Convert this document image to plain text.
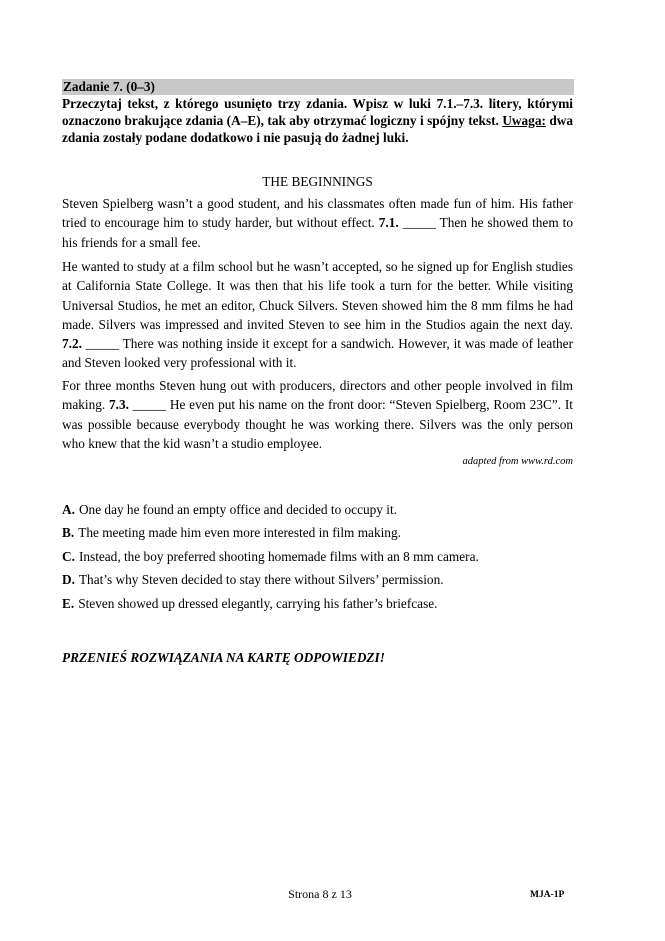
Zadanie 7. (0–3)
Przeczytaj tekst, z którego usunięto trzy zdania. Wpisz w luki 7.1.–7.3. litery, którymi oznaczono brakujące zdania (A–E), tak aby otrzymać logiczny i spójny tekst. Uwaga: dwa zdania zostały podane dodatkowo i nie pasują do żadnej luki.
THE BEGINNINGS

Steven Spielberg wasn’t a good student, and his classmates often made fun of him. His father tried to encourage him to study harder, but without effect. 7.1. _____ Then he showed them to his friends for a small fee.

He wanted to study at a film school but he wasn’t accepted, so he signed up for English studies at California State College. It was then that his life took a turn for the better. While visiting Universal Studios, he met an editor, Chuck Silvers. Steven showed him the 8 mm films he had made. Silvers was impressed and invited Steven to see him in the Studios again the next day. 7.2. _____ There was nothing inside it except for a sandwich. However, it was made of leather and Steven looked very professional with it.

For three months Steven hung out with producers, directors and other people involved in film making. 7.3. _____ He even put his name on the front door: “Steven Spielberg, Room 23C”. It was possible because everybody thought he was working there. Silvers was the only person who knew that the kid wasn’t a studio employee.

adapted from www.rd.com
A. One day he found an empty office and decided to occupy it.
B. The meeting made him even more interested in film making.
C. Instead, the boy preferred shooting homemade films with an 8 mm camera.
D. That’s why Steven decided to stay there without Silvers’ permission.
E. Steven showed up dressed elegantly, carrying his father’s briefcase.
PRZENIEŚ ROZWIĄZANIA NA KARTĘ ODPOWIEDZI!
Strona 8 z 13	MJA-1P
